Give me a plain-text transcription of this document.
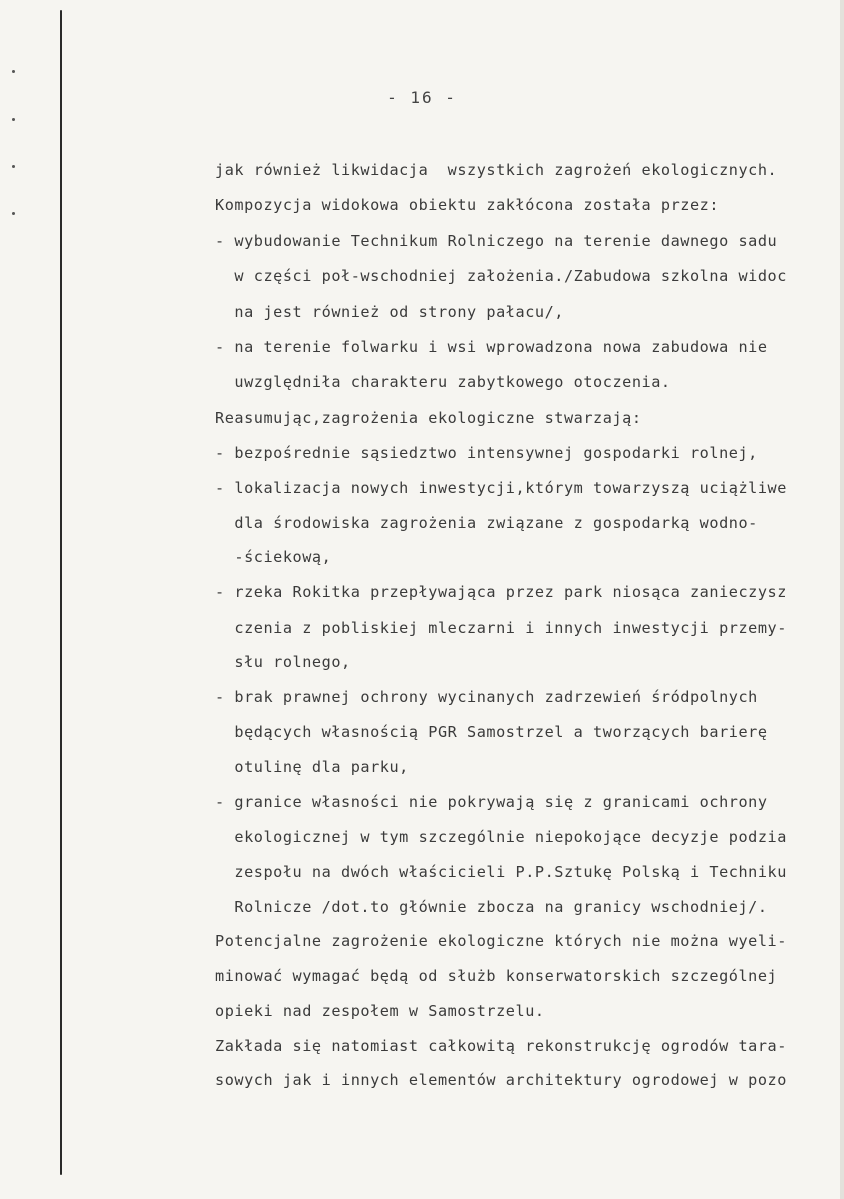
- 16 -
jak również likwidacja  wszystkich zagrożeń ekologicznych.
Kompozycja widokowa obiektu zakłócona została przez:
- wybudowanie Technikum Rolniczego na terenie dawnego sadu
w części poł-wschodniej założenia./Zabudowa szkolna widoc
na jest również od strony pałacu/,
- na terenie folwarku i wsi wprowadzona nowa zabudowa nie
uwzględniła charakteru zabytkowego otoczenia.
Reasumując,zagrożenia ekologiczne stwarzają:
- bezpośrednie sąsiedztwo intensywnej gospodarki rolnej,
- lokalizacja nowych inwestycji,którym towarzyszą uciążliwe
dla środowiska zagrożenia związane z gospodarką wodno-
-ściekową,
- rzeka Rokitka przepływająca przez park niosąca zanieczysz
czenia z pobliskiej mleczarni i innych inwestycji przemy-
słu rolnego,
- brak prawnej ochrony wycinanych zadrzewień śródpolnych
będących własnością PGR Samostrzel a tworzących barierę
otulinę dla parku,
- granice własności nie pokrywają się z granicami ochrony
ekologicznej w tym szczególnie niepokojące decyzje podzia
zespołu na dwóch właścicieli P.P.Sztukę Polską i Techniku
Rolnicze /dot.to głównie zbocza na granicy wschodniej/.
Potencjalne zagrożenie ekologiczne których nie można wyeli-
minować wymagać będą od służb konserwatorskich szczególnej
opieki nad zespołem w Samostrzelu.
Zakłada się natomiast całkowitą rekonstrukcję ogrodów tara-
sowych jak i innych elementów architektury ogrodowej w pozo
